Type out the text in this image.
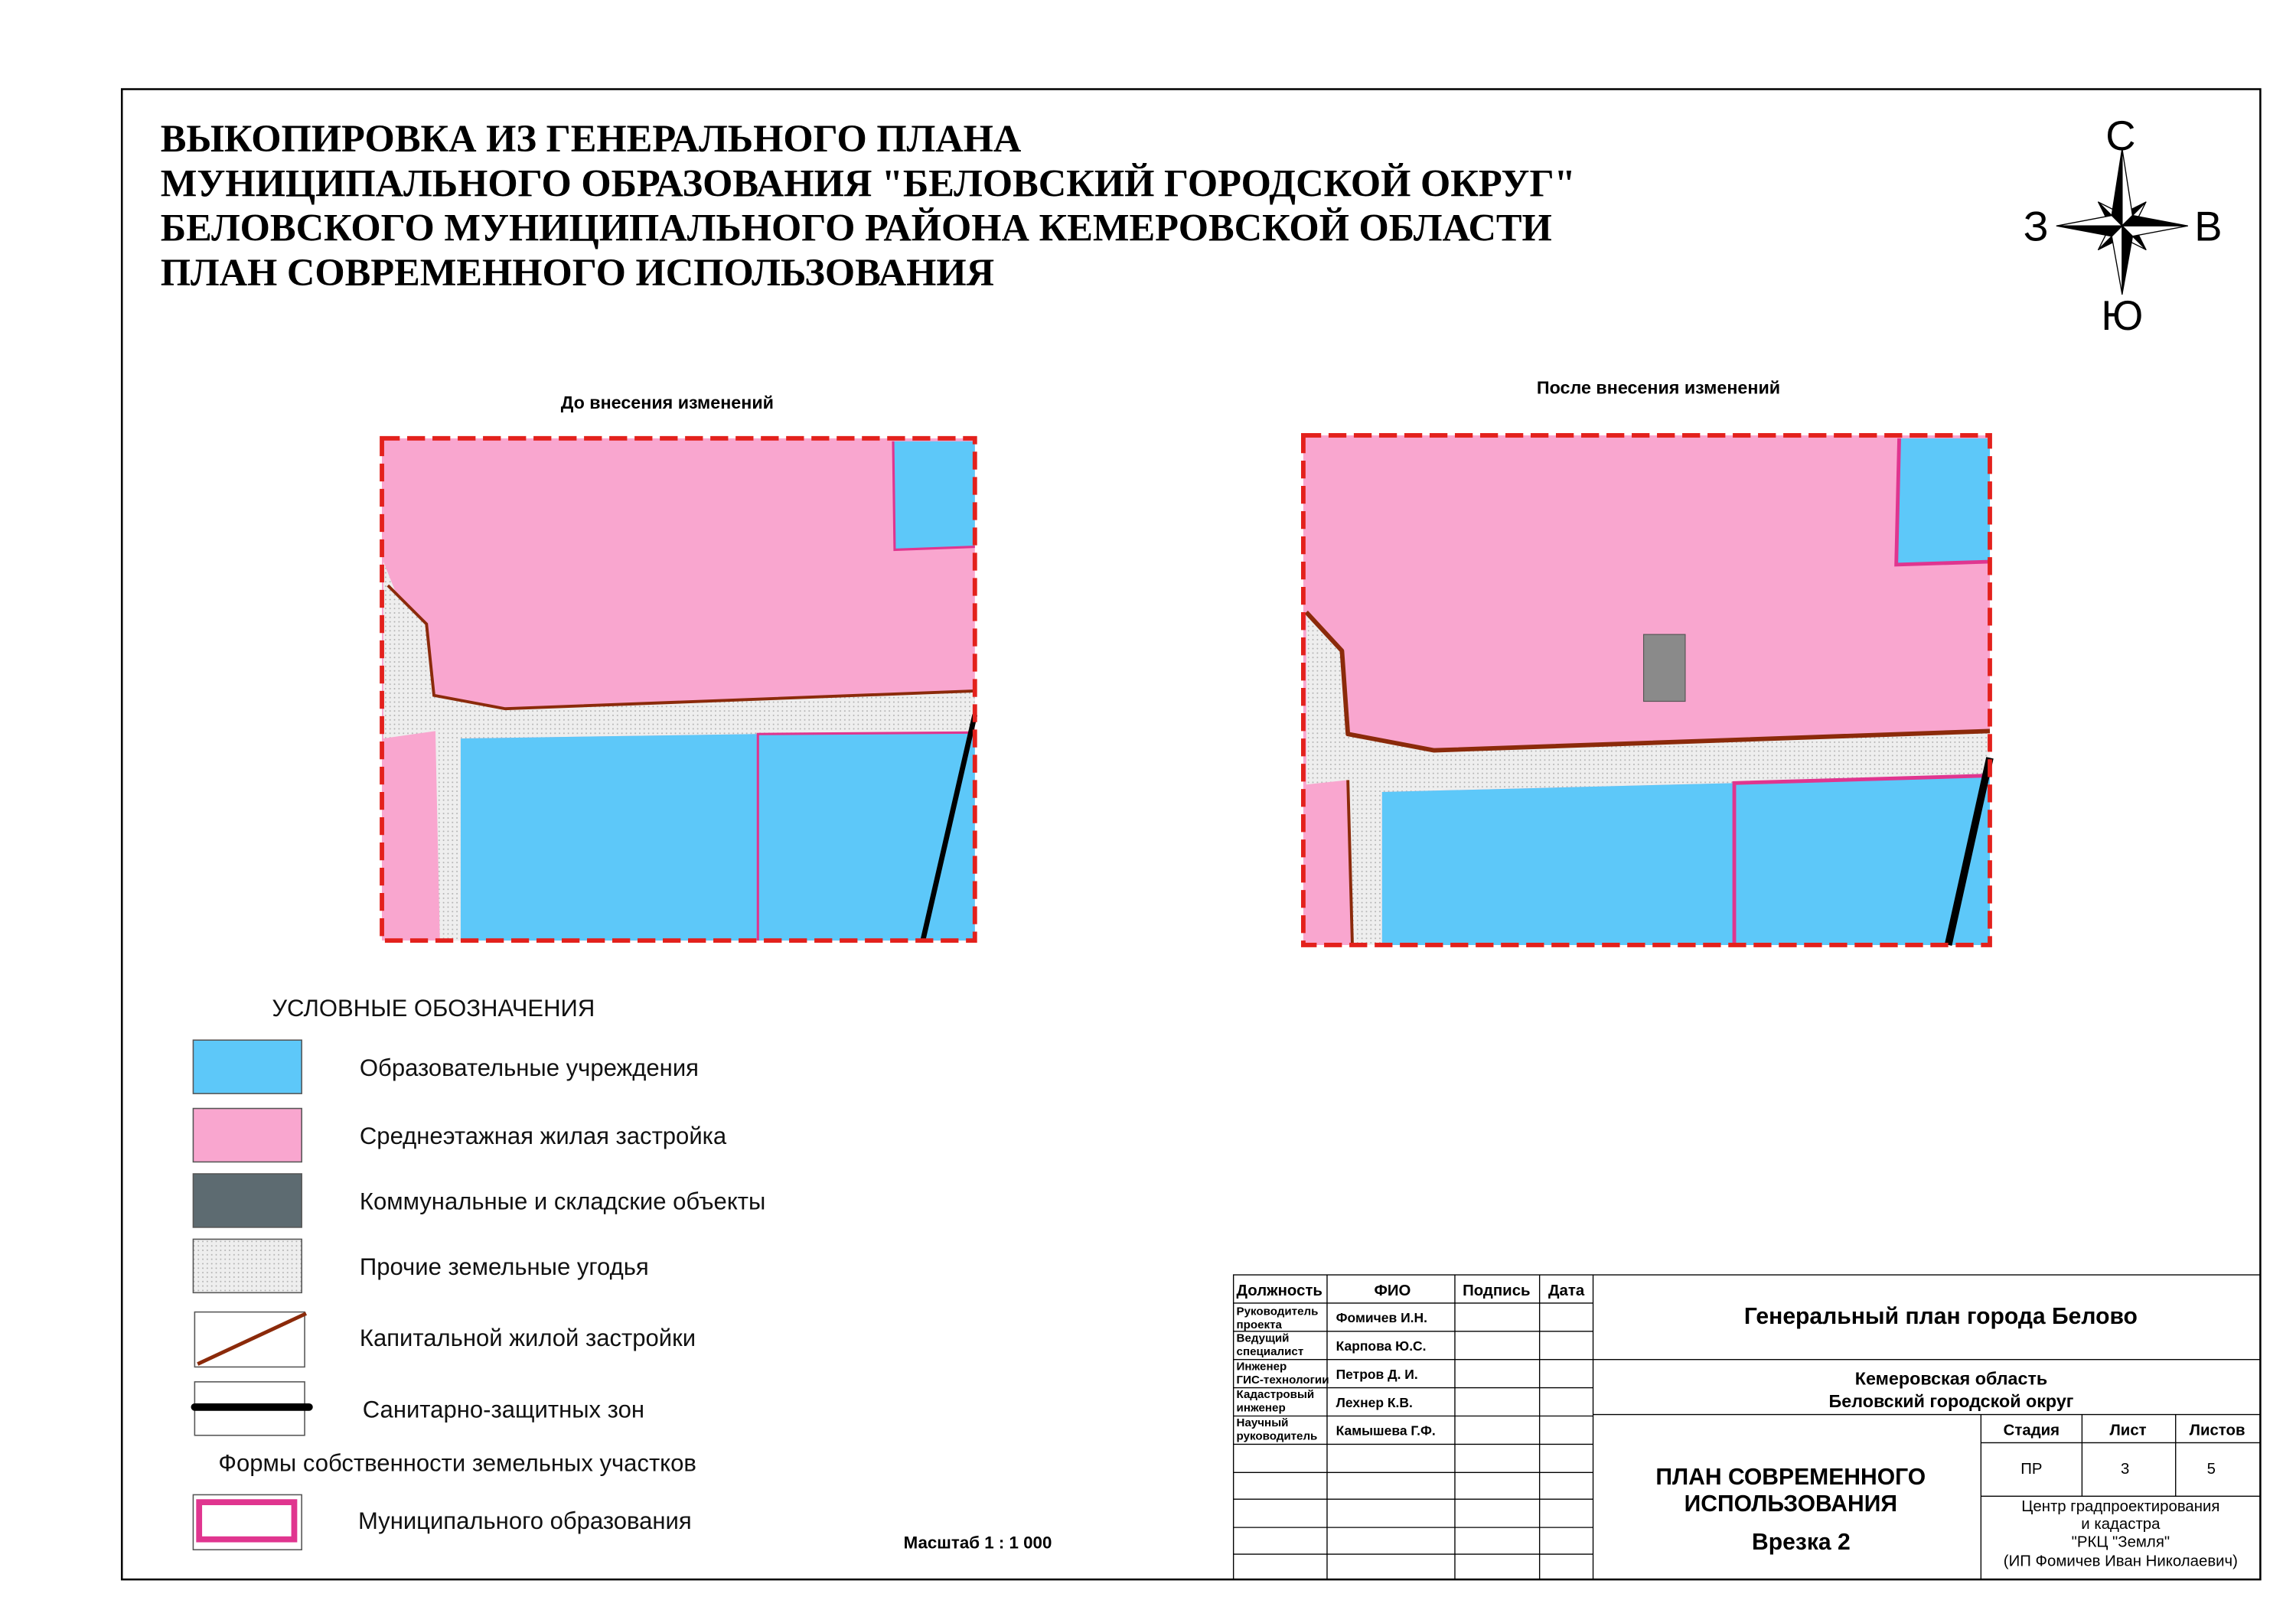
ВЫКОПИРОВКА ИЗ ГЕНЕРАЛЬНОГО ПЛАНА
МУНИЦИПАЛЬНОГО ОБРАЗОВАНИЯ "БЕЛОВСКИЙ ГОРОДСКОЙ ОКРУГ"
БЕЛОВСКОГО МУНИЦИПАЛЬНОГО РАЙОНА КЕМЕРОВСКОЙ ОБЛАСТИ
ПЛАН СОВРЕМЕННОГО ИСПОЛЬЗОВАНИЯ
С
В
Ю
З
До внесения изменений
После внесения изменений
УСЛОВНЫЕ ОБОЗНАЧЕНИЯ
Образовательные учреждения
Среднеэтажная жилая застройка
Коммунальные и складские объекты
Прочие земельные угодья
Капитальной жилой застройки
Санитарно-защитных зон
Формы собственности земельных участков
Муниципального образования
Масштаб 1 : 1 000
Должность	ФИО	Подпись Дата
Руководитель
проекта	Фомичев И.Н.
Ведущий
специалист	Карпова Ю.С.
Инженер
ГИС-технологии Петров Д. И.
Кадастровый
инженер	Лехнер К.В.
Научный
руководитель	Камышева Г.Ф.
Генеральный план города Белово
Кемеровская область
Беловский городской округ
ПЛАН СОВРЕМЕННОГО
ИСПОЛЬЗОВАНИЯ
Врезка 2
Стадия	Лист	Листов
ПР	3	5
Центр градпроектирования
и кадастра
"РКЦ "Земля"
(ИП Фомичев Иван Николаевич)
